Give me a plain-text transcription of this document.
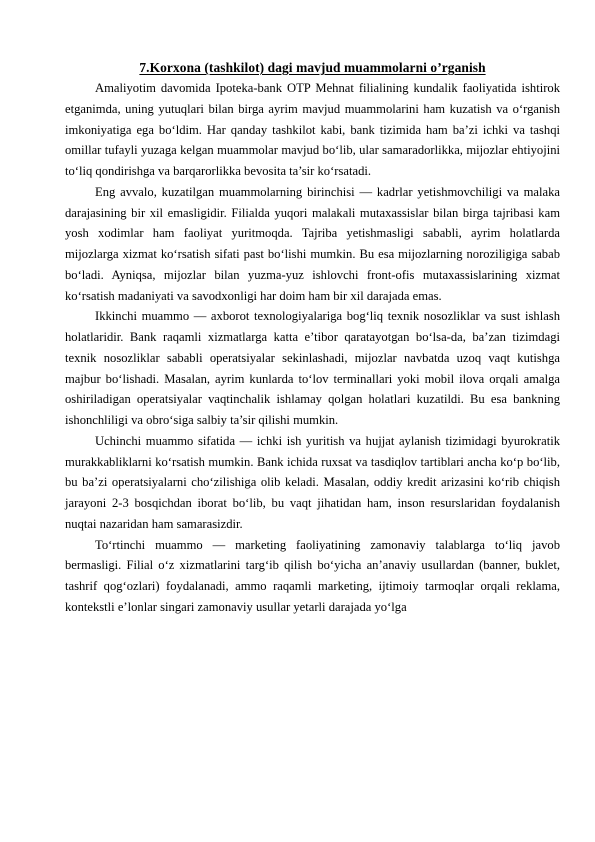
7.Korxona (tashkilot) dagi mavjud muammolarni o’rganish

Amaliyotim davomida Ipoteka-bank OTP Mehnat filialining kundalik faoliyatida ishtirok etganimda, uning yutuqlari bilan birga ayrim mavjud muammolarini ham kuzatish va o‘rganish imkoniyatiga ega bo‘ldim. Har qanday tashkilot kabi, bank tizimida ham ba’zi ichki va tashqi omillar tufayli yuzaga kelgan muammolar mavjud bo‘lib, ular samaradorlikka, mijozlar ehtiyojini to‘liq qondirishga va barqarorlikka bevosita ta’sir ko‘rsatadi.

Eng avvalo, kuzatilgan muammolarning birinchisi — kadrlar yetishmovchiligi va malaka darajasining bir xil emasligidir. Filialda yuqori malakali mutaxassislar bilan birga tajribasi kam yosh xodimlar ham faoliyat yuritmoqda. Tajriba yetishmasligi sababli, ayrim holatlarda mijozlarga xizmat ko‘rsatish sifati past bo‘lishi mumkin. Bu esa mijozlarning noroziligiga sabab bo‘ladi. Ayniqsa, mijozlar bilan yuzma-yuz ishlovchi front-ofis mutaxassislarining xizmat ko‘rsatish madaniyati va savodxonligi har doim ham bir xil darajada emas.

Ikkinchi muammo — axborot texnologiyalariga bog‘liq texnik nosozliklar va sust ishlash holatlaridir. Bank raqamli xizmatlarga katta e’tibor qaratayotgan bo‘lsa-da, ba’zan tizimdagi texnik nosozliklar sababli operatsiyalar sekinlashadi, mijozlar navbatda uzoq vaqt kutishga majbur bo‘lishadi. Masalan, ayrim kunlarda to‘lov terminallari yoki mobil ilova orqali amalga oshiriladigan operatsiyalar vaqtinchalik ishlamay qolgan holatlari kuzatildi. Bu esa bankning ishonchliligi va obro‘siga salbiy ta’sir qilishi mumkin.

Uchinchi muammo sifatida — ichki ish yuritish va hujjat aylanish tizimidagi byurokratik murakkabliklarni ko‘rsatish mumkin. Bank ichida ruxsat va tasdiqlov tartiblari ancha ko‘p bo‘lib, bu ba’zi operatsiyalarni cho‘zilishiga olib keladi. Masalan, oddiy kredit arizasini ko‘rib chiqish jarayoni 2-3 bosqichdan iborat bo‘lib, bu vaqt jihatidan ham, inson resurslaridan foydalanish nuqtai nazaridan ham samarasizdir.

To‘rtinchi muammo — marketing faoliyatining zamonaviy talablarga to‘liq javob bermasligi. Filial o‘z xizmatlarini targ‘ib qilish bo‘yicha an’anaviy usullardan (banner, buklet, tashrif qog‘ozlari) foydalanadi, ammo raqamli marketing, ijtimoiy tarmoqlar orqali reklama, kontekstli e’lonlar singari zamonaviy usullar yetarli darajada yo‘lga
